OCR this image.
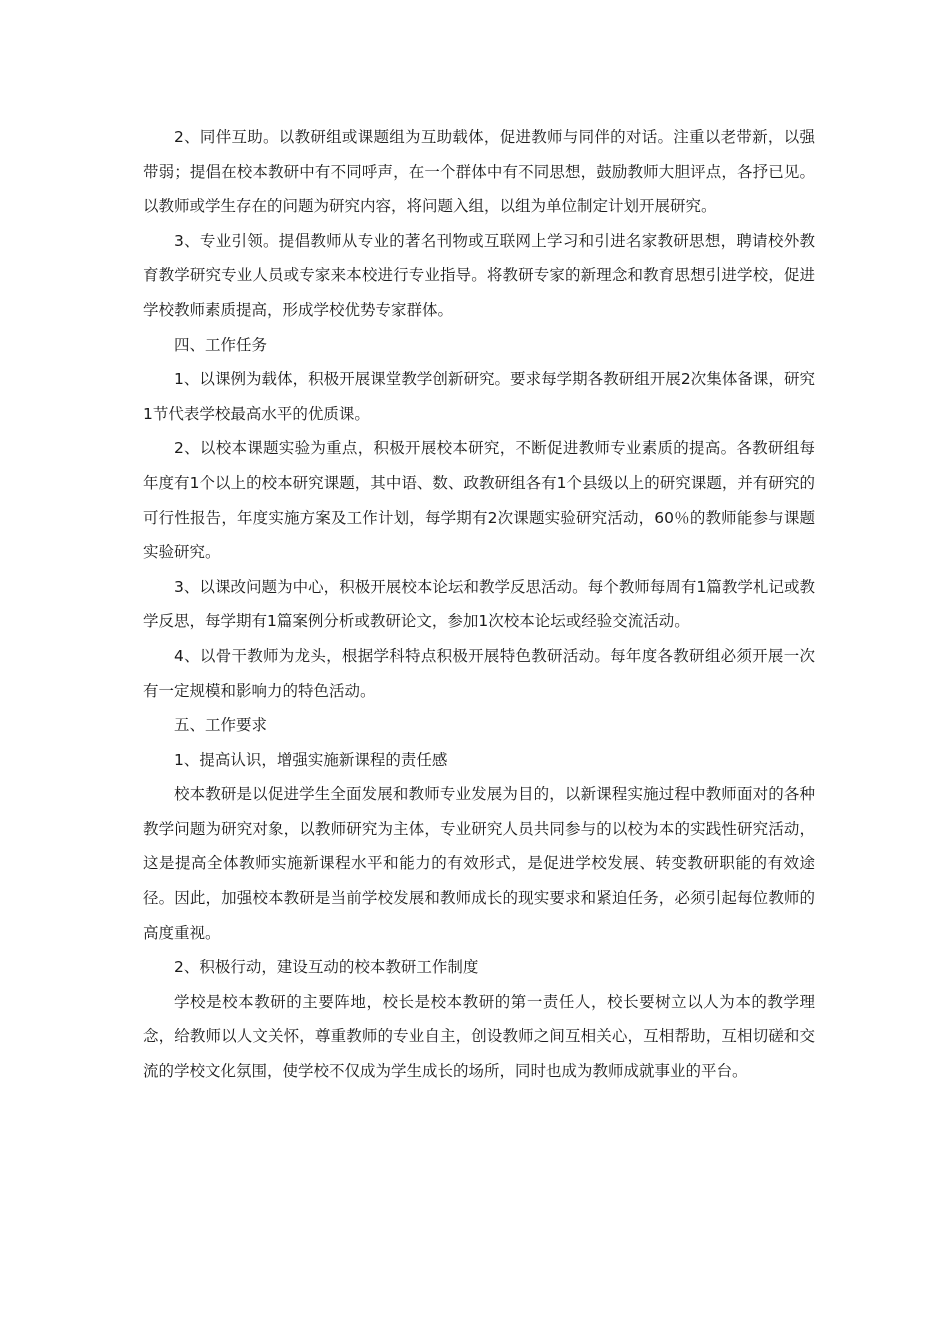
2、同伴互助。以教研组或课题组为互助载体，促进教师与同伴的对话。注重以老带新，以强带弱；提倡在校本教研中有不同呼声，在一个群体中有不同思想，鼓励教师大胆评点，各抒已见。以教师或学生存在的问题为研究内容，将问题入组，以组为单位制定计划开展研究。

3、专业引领。提倡教师从专业的著名刊物或互联网上学习和引进名家教研思想，聘请校外教育教学研究专业人员或专家来本校进行专业指导。将教研专家的新理念和教育思想引进学校，促进学校教师素质提高，形成学校优势专家群体。

四、工作任务

1、以课例为载体，积极开展课堂教学创新研究。要求每学期各教研组开展2次集体备课，研究1节代表学校最高水平的优质课。

2、以校本课题实验为重点，积极开展校本研究，不断促进教师专业素质的提高。各教研组每年度有1个以上的校本研究课题，其中语、数、政教研组各有1个县级以上的研究课题，并有研究的可行性报告，年度实施方案及工作计划，每学期有2次课题实验研究活动，60％的教师能参与课题实验研究。

3、以课改问题为中心，积极开展校本论坛和教学反思活动。每个教师每周有1篇教学札记或教学反思，每学期有1篇案例分析或教研论文，参加1次校本论坛或经验交流活动。

4、以骨干教师为龙头，根据学科特点积极开展特色教研活动。每年度各教研组必须开展一次有一定规模和影响力的特色活动。

五、工作要求

1、提高认识，增强实施新课程的责任感

校本教研是以促进学生全面发展和教师专业发展为目的，以新课程实施过程中教师面对的各种教学问题为研究对象，以教师研究为主体，专业研究人员共同参与的以校为本的实践性研究活动，这是提高全体教师实施新课程水平和能力的有效形式，是促进学校发展、转变教研职能的有效途径。因此，加强校本教研是当前学校发展和教师成长的现实要求和紧迫任务，必须引起每位教师的高度重视。

2、积极行动，建设互动的校本教研工作制度

学校是校本教研的主要阵地，校长是校本教研的第一责任人，校长要树立以人为本的教学理念，给教师以人文关怀，尊重教师的专业自主，创设教师之间互相关心，互相帮助，互相切磋和交流的学校文化氛围，使学校不仅成为学生成长的场所，同时也成为教师成就事业的平台。
